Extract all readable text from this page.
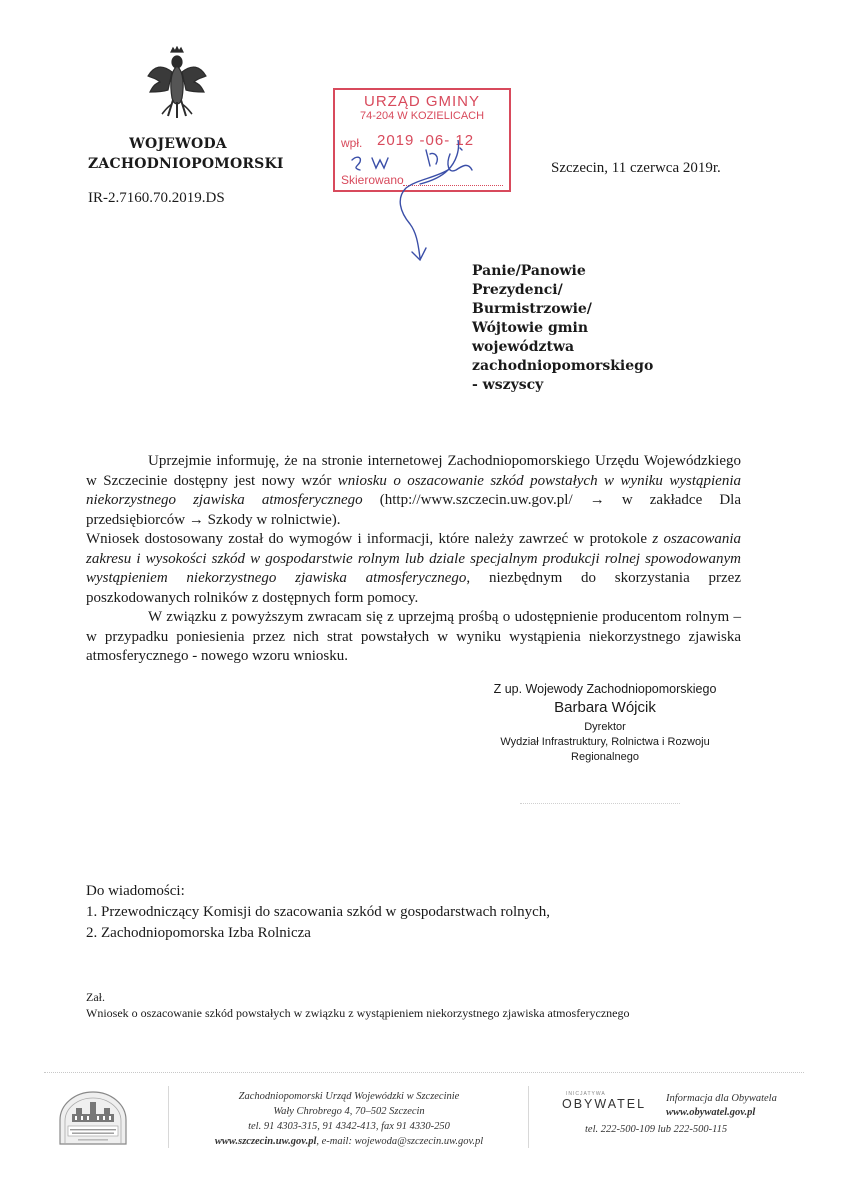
WOJEWODA
ZACHODNIOPOMORSKI
IR-2.7160.70.2019.DS
URZĄD GMINY
74-204 W KOZIELICACH
wpł. 2019 -06- 12
Skierowano
Szczecin, 11 czerwca 2019r.
Panie/Panowie
Prezydenci/
Burmistrzowie/
Wójtowie gmin
województwa
zachodniopomorskiego
- wszyscy

Uprzejmie informuję, że na stronie internetowej Zachodniopomorskiego Urzędu Wojewódzkiego w Szczecinie dostępny jest nowy wzór wniosku o oszacowanie szkód powstałych w wyniku wystąpienia niekorzystnego zjawiska atmosferycznego (http://www.szczecin.uw.gov.pl/ → w zakładce Dla przedsiębiorców → Szkody w rolnictwie).

Wniosek dostosowany został do wymogów i informacji, które należy zawrzeć w protokole z oszacowania zakresu i wysokości szkód w gospodarstwie rolnym lub dziale specjalnym produkcji rolnej spowodowanym wystąpieniem niekorzystnego zjawiska atmosferycznego, niezbędnym do skorzystania przez poszkodowanych rolników z dostępnych form pomocy.

W związku z powyższym zwracam się z uprzejmą prośbą o udostępnienie producentom rolnym – w przypadku poniesienia przez nich strat powstałych w wyniku wystąpienia niekorzystnego zjawiska atmosferycznego - nowego wzoru wniosku.

Z up. Wojewody Zachodniopomorskiego
Barbara Wójcik
Dyrektor
Wydział Infrastruktury, Rolnictwa i Rozwoju
Regionalnego
Do wiadomości:
1. Przewodniczący Komisji do szacowania szkód w gospodarstwach rolnych,
2. Zachodniopomorska Izba Rolnicza
Zał.
Wniosek o oszacowanie szkód powstałych w związku z wystąpieniem niekorzystnego zjawiska atmosferycznego
Zachodniopomorski Urząd Wojewódzki w Szczecinie
Wały Chrobrego 4, 70–502 Szczecin
tel. 91 4303-315, 91 4342-413, fax 91 4330-250
www.szczecin.uw.gov.pl, e-mail: wojewoda@szczecin.uw.gov.pl
INICJATYWA
OBYWATEL	Informacja dla Obywatela
www.obywatel.gov.pl
tel. 222-500-109 lub 222-500-115
